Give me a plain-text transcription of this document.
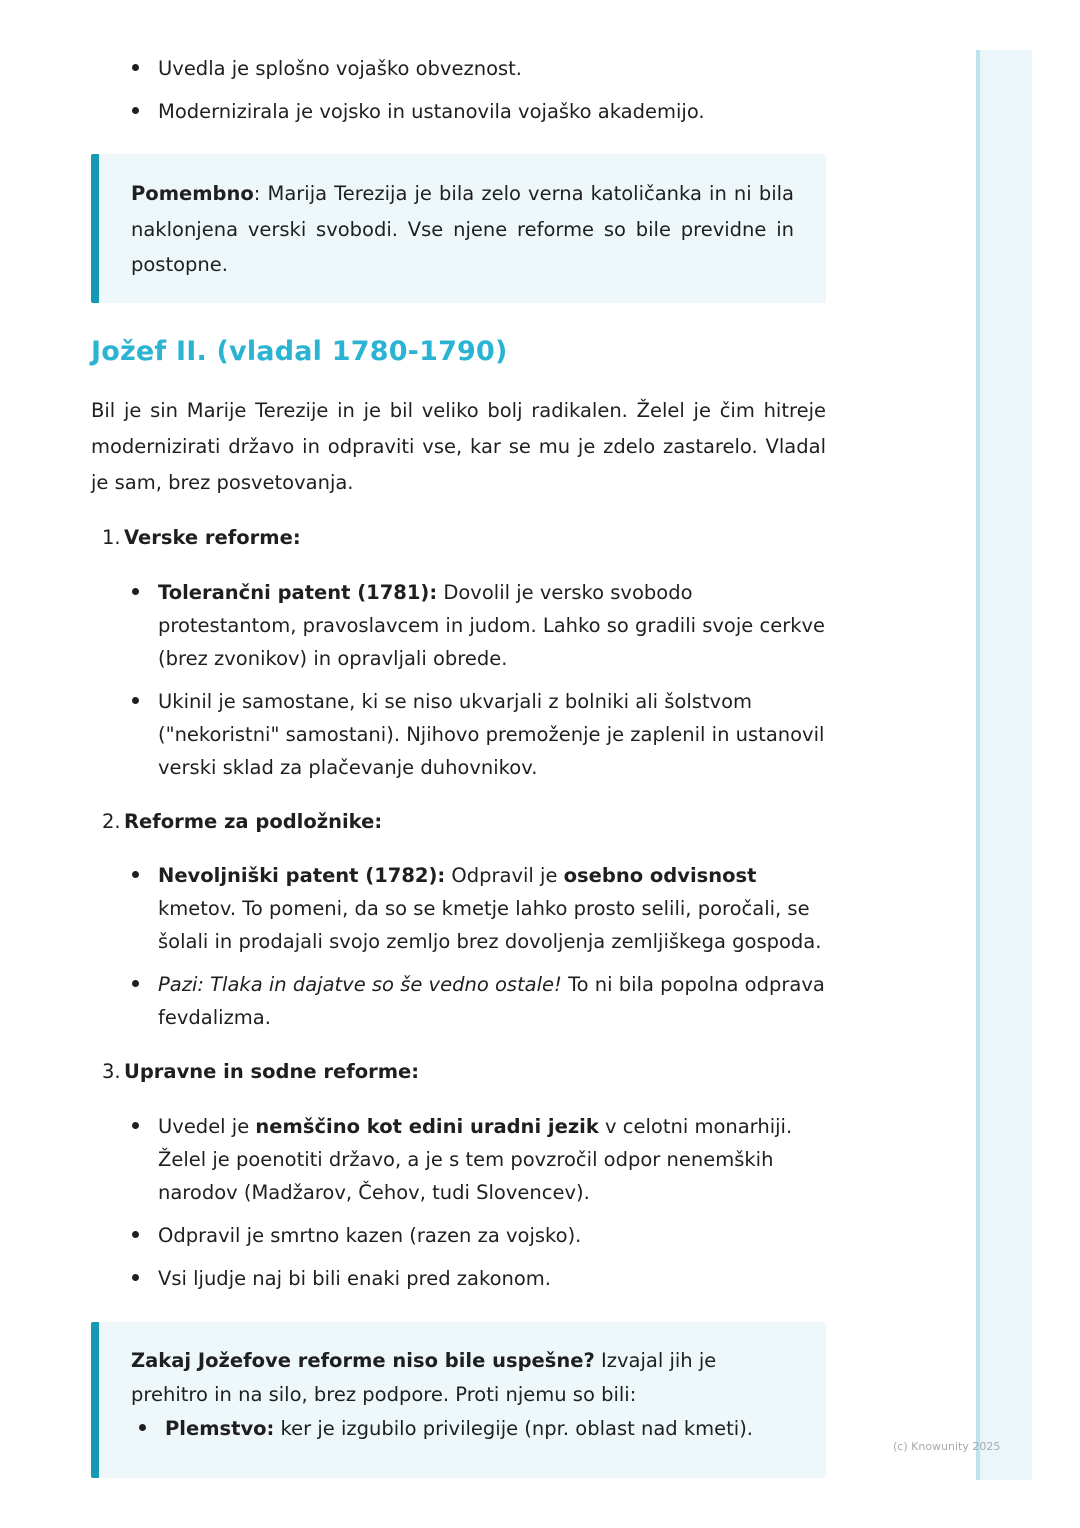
Uvedla je splošno vojaško obveznost.
Modernizirala je vojsko in ustanovila vojaško akademijo.

Pomembno: Marija Terezija je bila zelo verna katoličanka in ni bila naklonjena verski svobodi. Vse njene reforme so bile previdne in postopne.

Jožef II. (vladal 1780-1790)

Bil je sin Marije Terezije in je bil veliko bolj radikalen. Želel je čim hitreje modernizirati državo in odpraviti vse, kar se mu je zdelo zastarelo. Vladal je sam, brez posvetovanja.

1. Verske reforme:

Tolerančni patent (1781): Dovolil je versko svobodo protestantom, pravoslavcem in judom. Lahko so gradili svoje cerkve (brez zvonikov) in opravljali obrede.
Ukinil je samostane, ki se niso ukvarjali z bolniki ali šolstvom ("nekoristni" samostani). Njihovo premoženje je zaplenil in ustanovil verski sklad za plačevanje duhovnikov.

2. Reforme za podložnike:

Nevoljniški patent (1782): Odpravil je osebno odvisnost kmetov. To pomeni, da so se kmetje lahko prosto selili, poročali, se šolali in prodajali svojo zemljo brez dovoljenja zemljiškega gospoda.
Pazi: Tlaka in dajatve so še vedno ostale! To ni bila popolna odprava fevdalizma.

3. Upravne in sodne reforme:

Uvedel je nemščino kot edini uradni jezik v celotni monarhiji. Želel je poenotiti državo, a je s tem povzročil odpor nenemških narodov (Madžarov, Čehov, tudi Slovencev).
Odpravil je smrtno kazen (razen za vojsko).
Vsi ljudje naj bi bili enaki pred zakonom.

Zakaj Jožefove reforme niso bile uspešne? Izvajal jih je prehitro in na silo, brez podpore. Proti njemu so bili:

Plemstvo: ker je izgubilo privilegije (npr. oblast nad kmeti).
(c) Knowunity 2025
